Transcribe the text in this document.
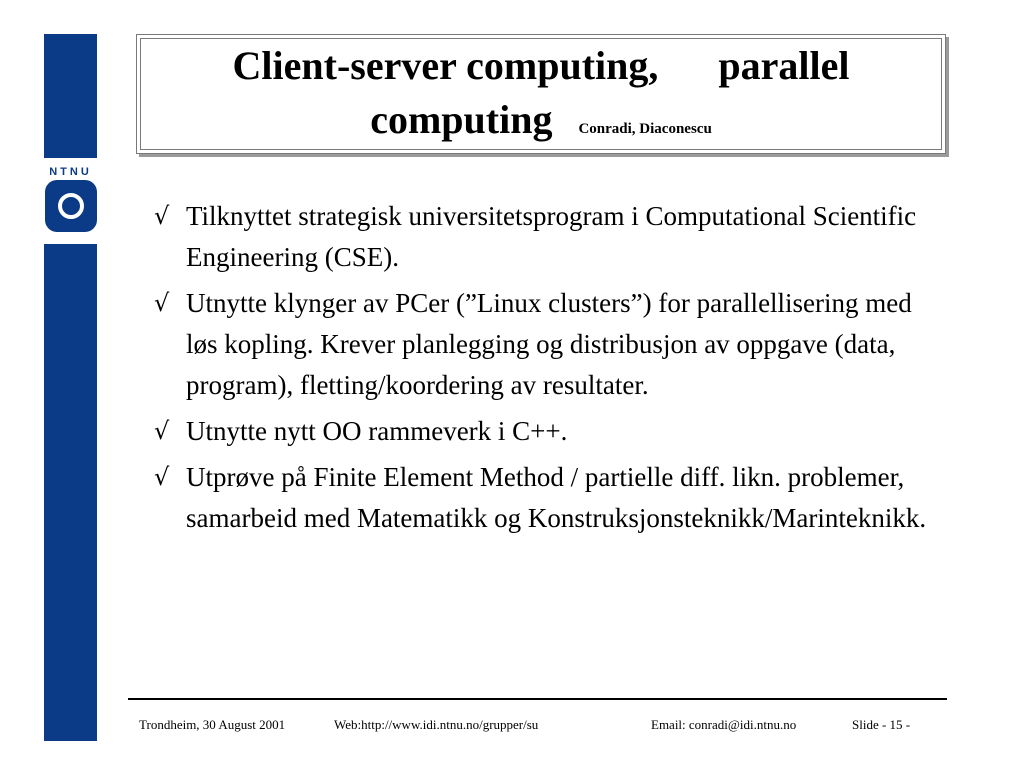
NTNU
Client-server computing,      parallel
computing Conradi, Diaconescu
√ Tilknyttet strategisk universitetsprogram i Computational Scientific Engineering (CSE).
√ Utnytte klynger av PCer (”Linux clusters”) for parallellisering med løs kopling. Krever planlegging og distribusjon av oppgave (data, program), fletting/koordering av resultater.
√ Utnytte nytt OO rammeverk i C++.
√ Utprøve på Finite Element Method / partielle diff. likn. problemer, samarbeid med Matematikk og Konstruksjonsteknikk/Marinteknikk.
Trondheim, 30 August 2001	Web:http://www.idi.ntnu.no/grupper/su	Email: conradi@idi.ntnu.no	Slide - 15 -
